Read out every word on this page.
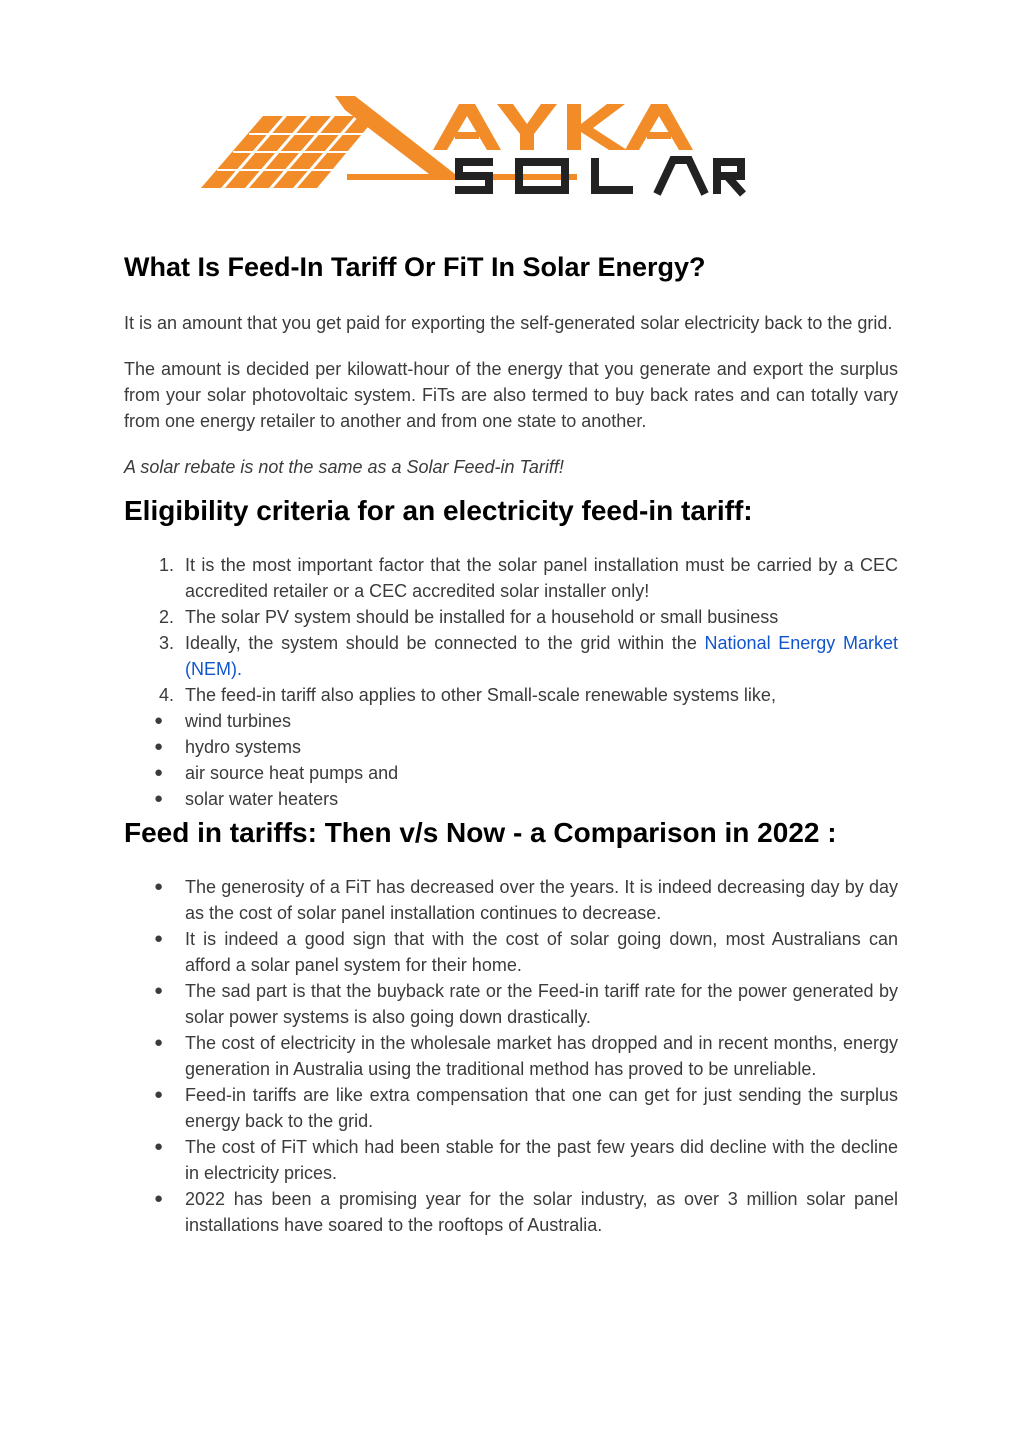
What Is Feed-In Tariff Or FiT In Solar Energy?

It is an amount that you get paid for exporting the self-generated solar electricity back to the grid.

The amount is decided per kilowatt-hour of the energy that you generate and export the surplus from your solar photovoltaic system. FiTs are also termed to buy back rates and can totally vary from one energy retailer to another and from one state to another.

A solar rebate is not the same as a Solar Feed-in Tariff!

Eligibility criteria for an electricity feed-in tariff:
1. It is the most important factor that the solar panel installation must be carried by a CEC accredited retailer or a CEC accredited solar installer only!
2. The solar PV system should be installed for a household or small business
3. Ideally, the system should be connected to the grid within the National Energy Market (NEM).
4. The feed-in tariff also applies to other Small-scale renewable systems like,
● wind turbines
● hydro systems
● air source heat pumps and
● solar water heaters
Feed in tariffs: Then v/s Now - a Comparison in 2022 :
● The generosity of a FiT has decreased over the years. It is indeed decreasing day by day as the cost of solar panel installation continues to decrease.
● It is indeed a good sign that with the cost of solar going down, most Australians can afford a solar panel system for their home.
● The sad part is that the buyback rate or the Feed-in tariff rate for the power generated by solar power systems is also going down drastically.
● The cost of electricity in the wholesale market has dropped and in recent months, energy generation in Australia using the traditional method has proved to be unreliable.
● Feed-in tariffs are like extra compensation that one can get for just sending the surplus energy back to the grid.
● The cost of FiT which had been stable for the past few years did decline with the decline in electricity prices.
● 2022 has been a promising year for the solar industry, as over 3 million solar panel installations have soared to the rooftops of Australia.
